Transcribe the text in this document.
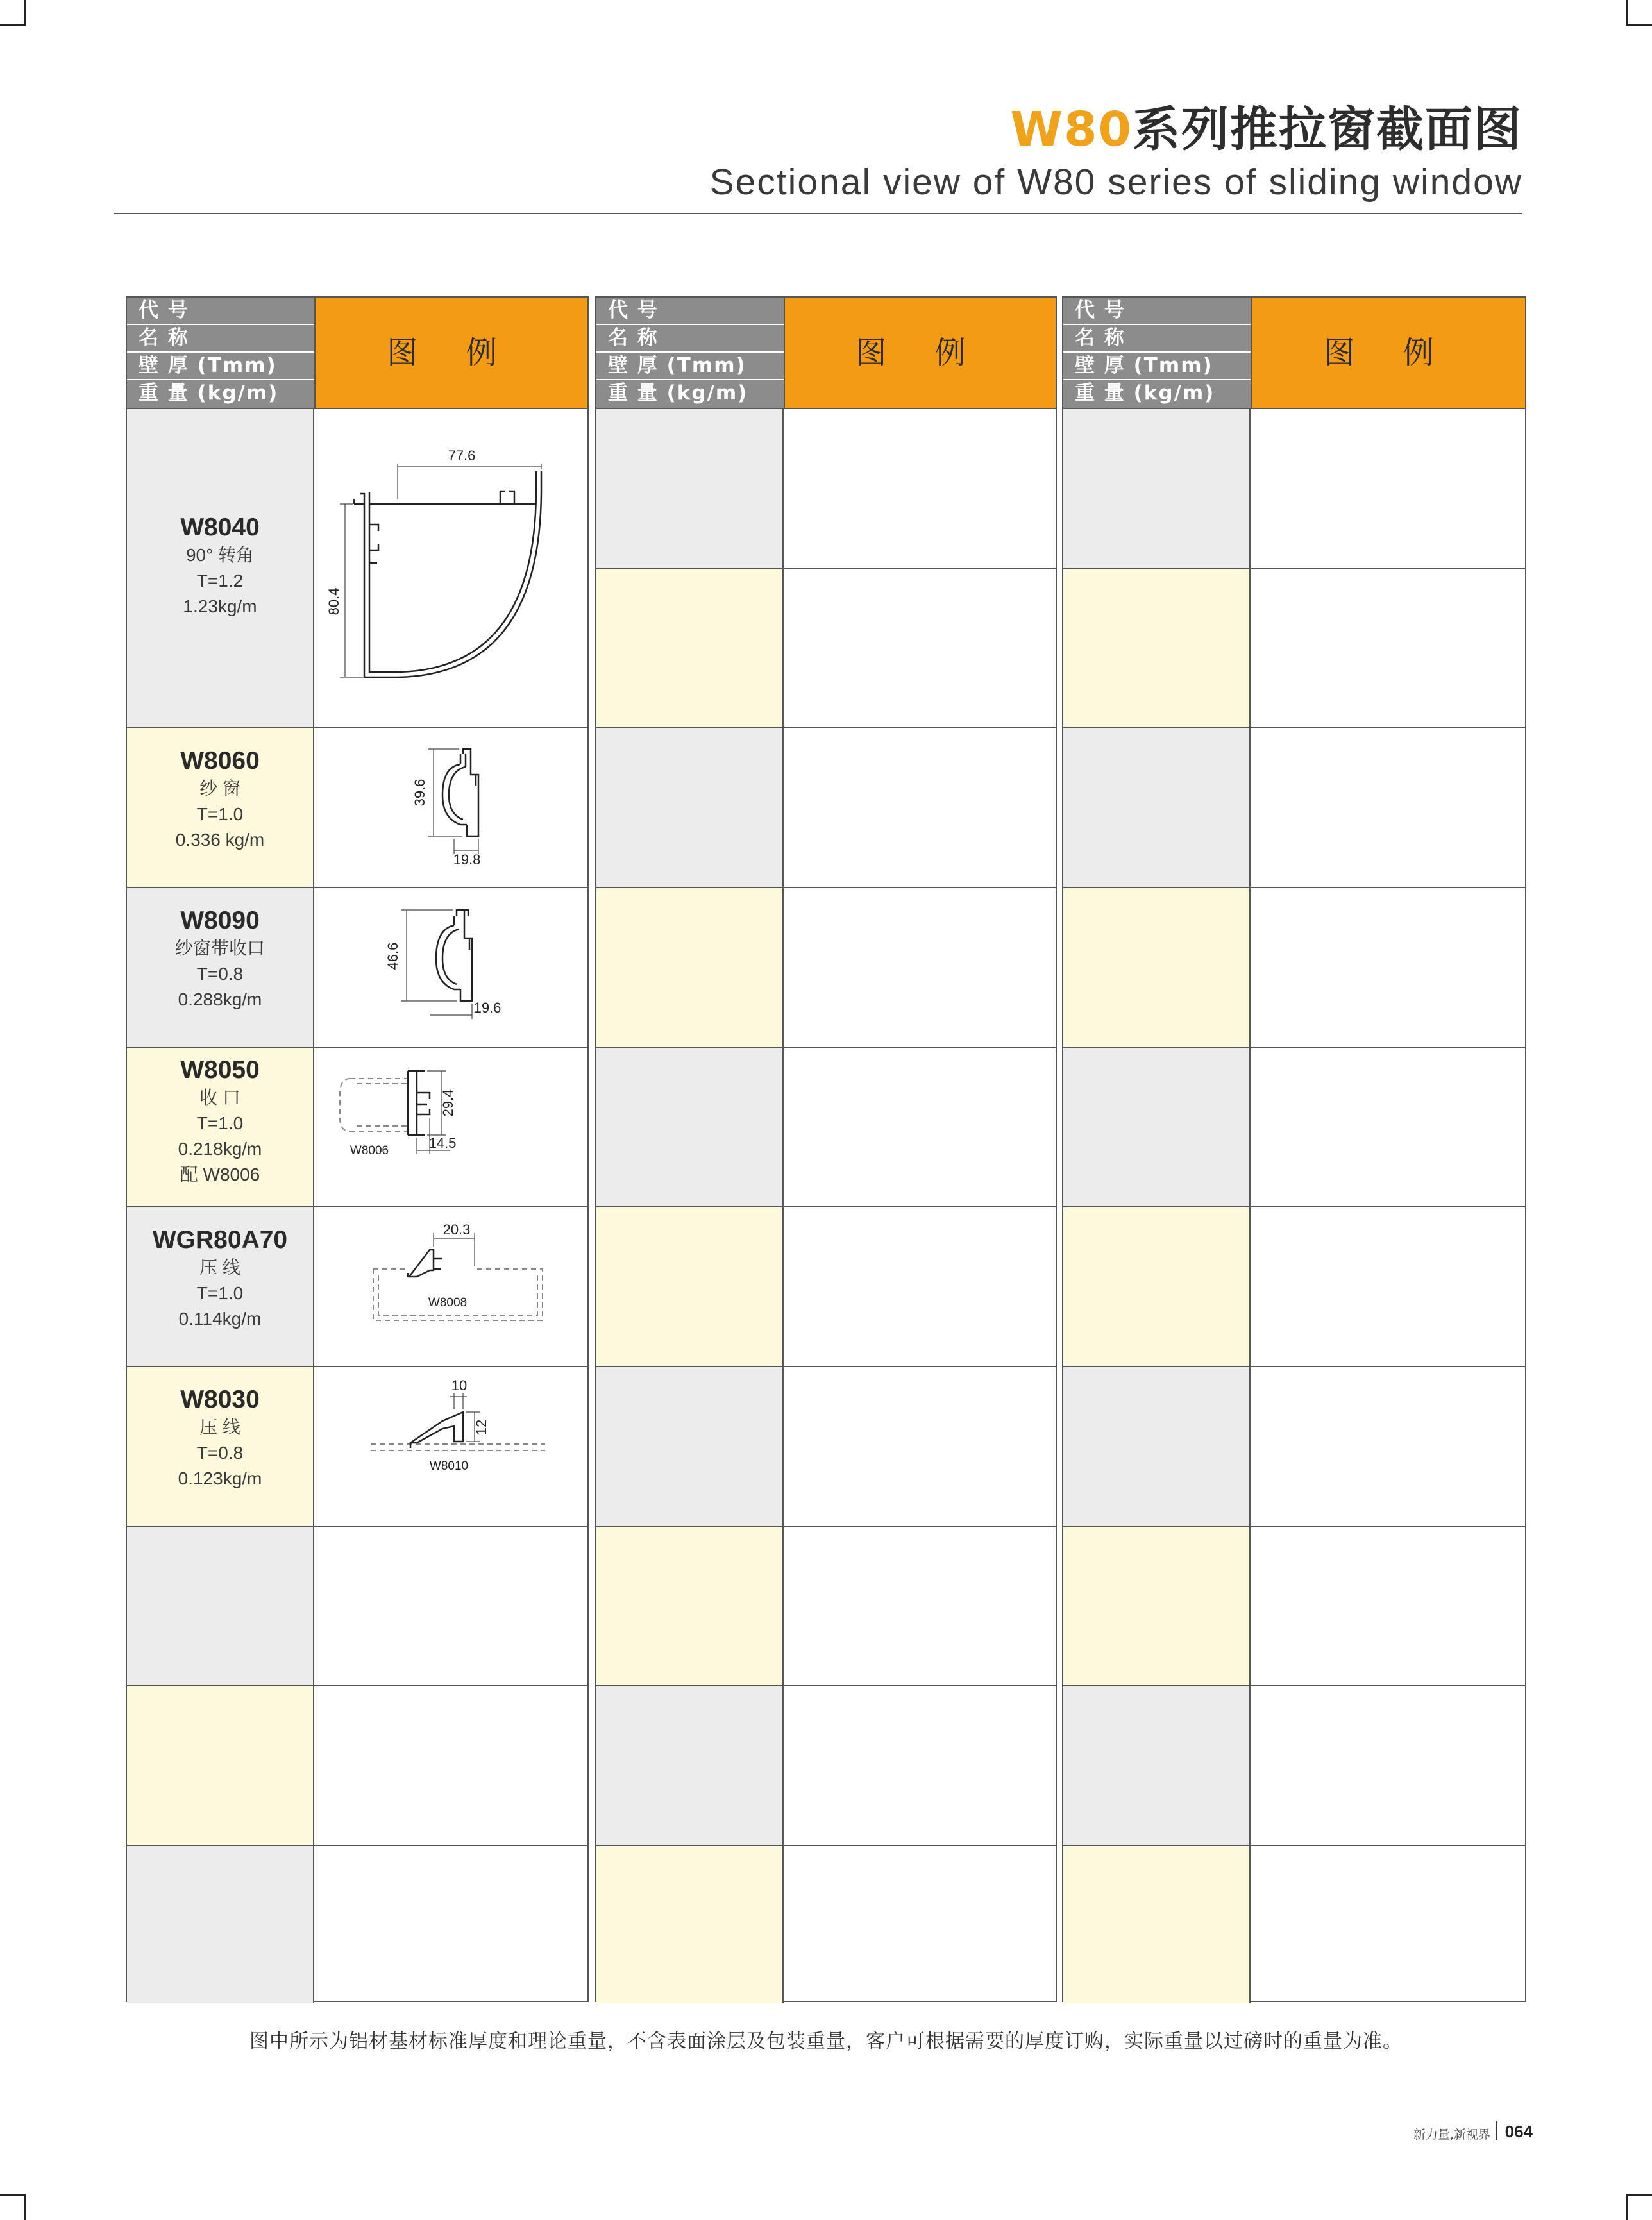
W80系列推拉窗截面图
Sectional view of W80 series of sliding window
代 号
名 称
壁 厚 (Tmm)
重 量 (kg/m)
图 例
W8040
90° 转角
T=1.2
1.23kg/m
77.6
80.4
W8060
纱 窗
T=1.0
0.336 kg/m
39.6
19.8
W8090
纱窗带收口
T=0.8
0.288kg/m
46.6
19.6
W8050
收 口
T=1.0
0.218kg/m
配 W8006
29.4
14.5
W8006
WGR80A70
压 线
T=1.0
0.114kg/m
20.3
W8008
W8030
压 线
T=0.8
0.123kg/m
10
12
W8010
代 号
名 称
壁 厚 (Tmm)
重 量 (kg/m)
图 例
代 号
名 称
壁 厚 (Tmm)
重 量 (kg/m)
图 例
图中所示为铝材基材标准厚度和理论重量，不含表面涂层及包装重量，客户可根据需要的厚度订购，实际重量以过磅时的重量为准。
新力量,新视界 064
